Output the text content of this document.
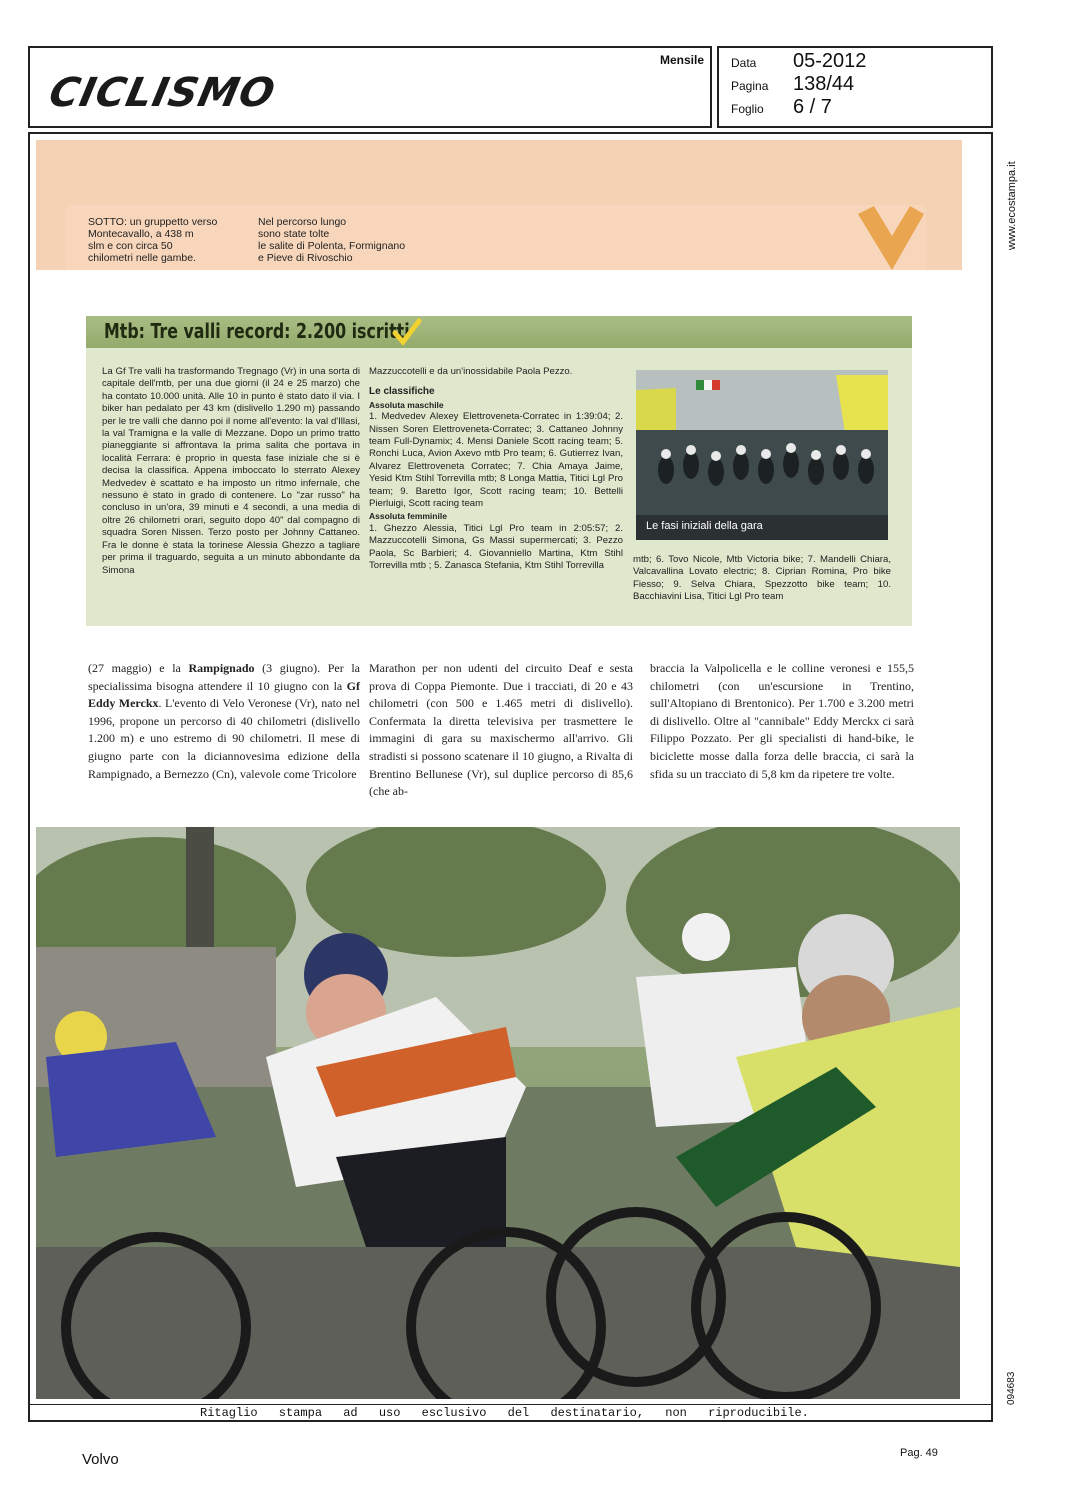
CICLISMO
Mensile Data 05-2012
Pagina 138/44
Foglio 6 / 7
www.ecostampa.it
094683
SOTTO: un gruppetto verso
Montecavallo, a 438 m
slm e con circa 50
chilometri nelle gambe.
Nel percorso lungo
sono state tolte
le salite di Polenta, Formignano
e Pieve di Rivoschio
Mtb: Tre valli record: 2.200 iscritti
La Gf Tre valli ha trasformando Tregnago (Vr) in una sorta di capitale dell'mtb, per una due giorni (il 24 e 25 marzo) che ha contato 10.000 unità. Alle 10 in punto è stato dato il via. I biker han pedalato per 43 km (dislivello 1.290 m) passando per le tre valli che danno poi il nome all'evento: la val d'Illasi, la val Tramigna e la valle di Mezzane. Dopo un primo tratto pianeggiante si affrontava la prima salita che portava in località Ferrara: è proprio in questa fase iniziale che si è decisa la classifica. Appena imboccato lo sterrato Alexey Medvedev è scattato e ha imposto un ritmo infernale, che nessuno è stato in grado di contenere. Lo "zar russo" ha concluso in un'ora, 39 minuti e 4 secondi, a una media di oltre 26 chilometri orari, seguito dopo 40" dal compagno di squadra Soren Nissen. Terzo posto per Johnny Cattaneo. Fra le donne è stata la torinese Alessia Ghezzo a tagliare per prima il traguardo, seguita a un minuto abbondante da Simona
Mazzuccotelli e da un'inossidabile Paola Pezzo.
Le classifiche
Assoluta maschile
1. Medvedev Alexey Elettroveneta-Corratec in 1:39:04; 2. Nissen Soren Elettroveneta-Corratec; 3. Cattaneo Johnny team Full-Dynamix; 4. Mensi Daniele Scott racing team; 5. Ronchi Luca, Avion Axevo mtb Pro team; 6. Gutierrez Ivan, Alvarez Elettroveneta Corratec; 7. Chia Amaya Jaime, Yesid Ktm Stihl Torrevilla mtb; 8 Longa Mattia, Titici Lgl Pro team; 9. Baretto Igor, Scott racing team; 10. Bettelli Pierluigi, Scott racing team
Assoluta femminile
1. Ghezzo Alessia, Titici Lgl Pro team in 2:05:57; 2. Mazzuccotelli Simona, Gs Massi supermercati; 3. Pezzo Paola, Sc Barbieri; 4. Giovanniello Martina, Ktm Stihl Torrevilla mtb ; 5. Zanasca Stefania, Ktm Stihl Torrevilla
Le fasi iniziali della gara
mtb; 6. Tovo Nicole, Mtb Victoria bike; 7. Mandelli Chiara, Valcavallina Lovato electric; 8. Ciprian Romina, Pro bike Fiesso; 9. Selva Chiara, Spezzotto bike team; 10. Bacchiavini Lisa, Titici Lgl Pro team
(27 maggio) e la Rampignado (3 giugno). Per la specialissima bisogna attendere il 10 giugno con la Gf Eddy Merckx. L'evento di Velo Veronese (Vr), nato nel 1996, propone un percorso di 40 chilometri (dislivello 1.200 m) e uno estremo di 90 chilometri. Il mese di giugno parte con la diciannovesima edizione della Rampignado, a Bernezzo (Cn), valevole come Tricolore
Marathon per non udenti del circuito Deaf e sesta prova di Coppa Piemonte. Due i tracciati, di 20 e 43 chilometri (con 500 e 1.465 metri di dislivello). Confermata la diretta televisiva per trasmettere le immagini di gara su maxischermo all'arrivo. Gli stradisti si possono scatenare il 10 giugno, a Rivalta di Brentino Bellunese (Vr), sul duplice percorso di 85,6 (che ab-
braccia la Valpolicella e le colline veronesi e 155,5 chilometri (con un'escursione in Trentino, sull'Altopiano di Brentonico). Per 1.700 e 3.200 metri di dislivello. Oltre al "cannibale" Eddy Merckx ci sarà Filippo Pozzato. Per gli specialisti di hand-bike, le biciclette mosse dalla forza delle braccia, ci sarà la sfida su un tracciato di 5,8 km da ripetere tre volte.
Ritaglio stampa ad uso esclusivo del destinatario, non riproducibile.
Volvo	Pag. 49
